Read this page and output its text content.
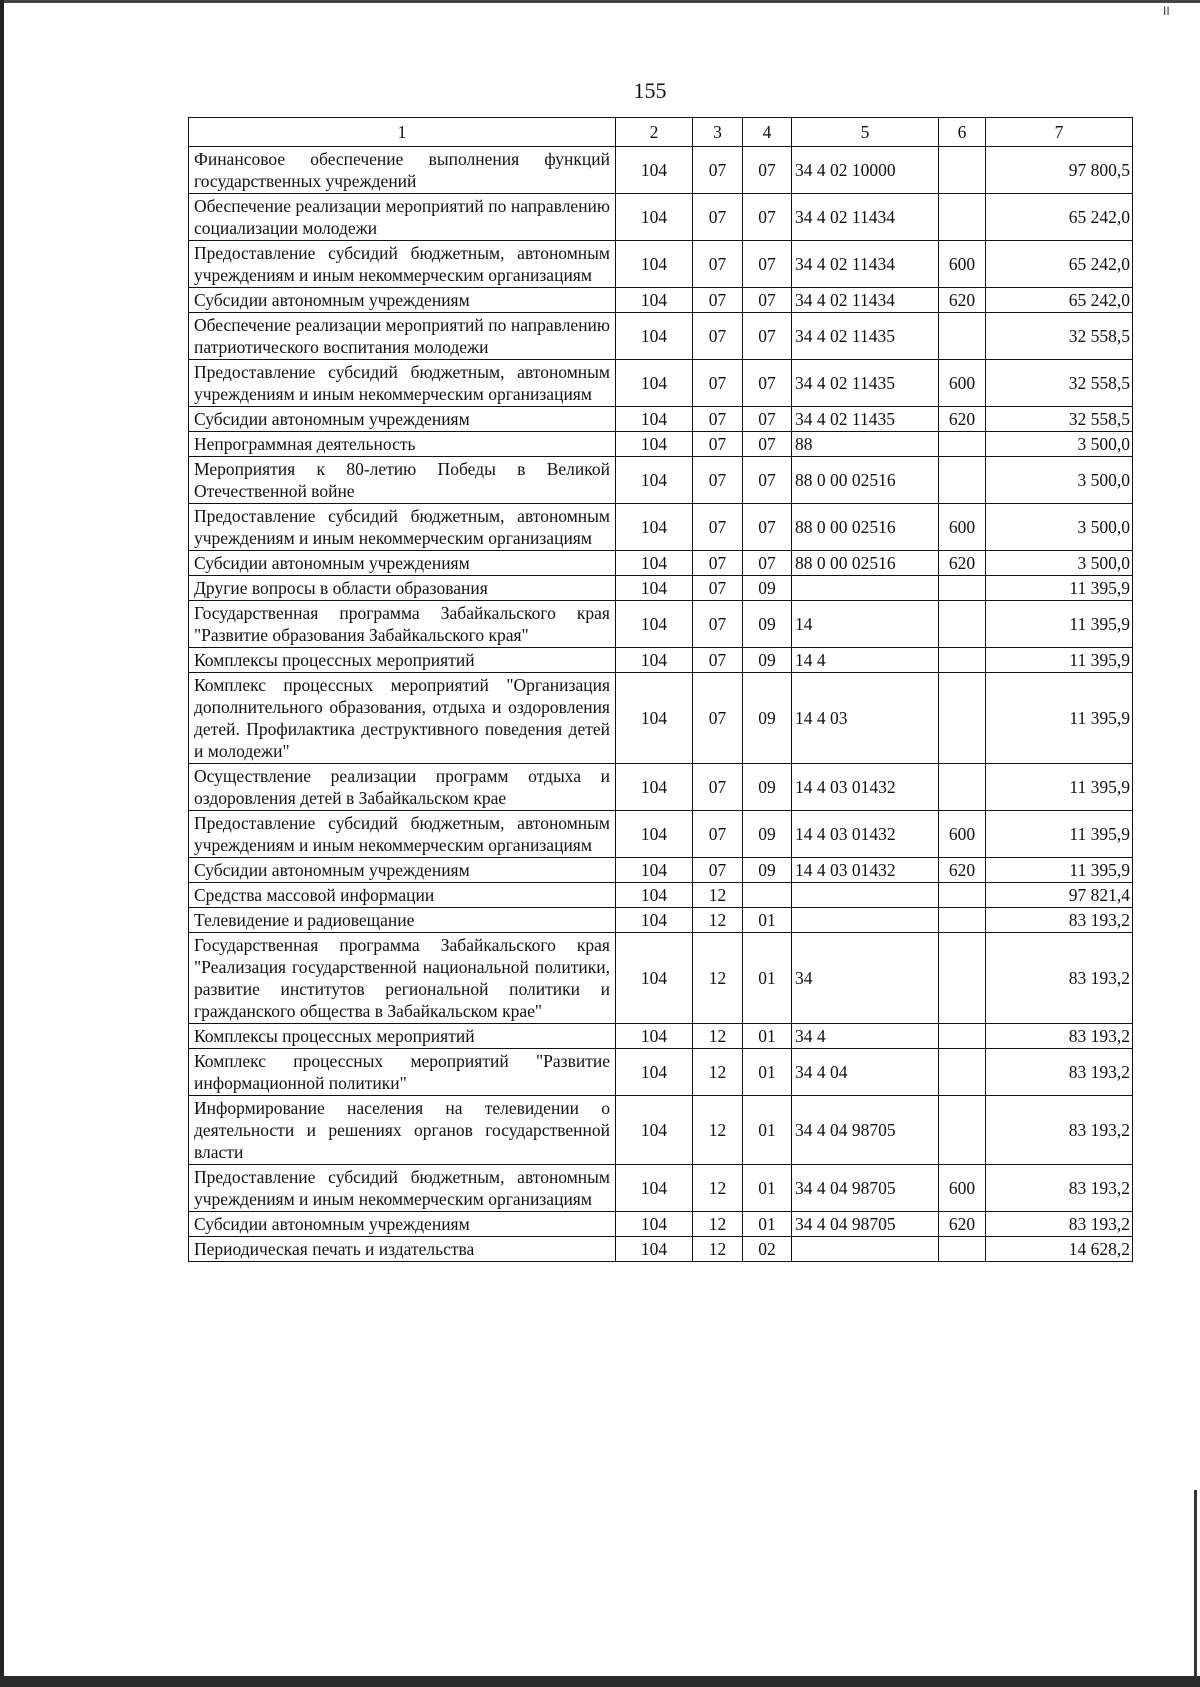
II
155
1	2	3	4	5	6	7
Финансовое обеспечение выполнения функций государственных учреждений	104	07	07	34 4 02 10000		97 800,5
Обеспечение реализации мероприятий по направлению социализации молодежи	104	07	07	34 4 02 11434		65 242,0
Предоставление субсидий бюджетным, автономным учреждениям и иным некоммерческим организациям	104	07	07	34 4 02 11434	600	65 242,0
Субсидии автономным учреждениям	104	07	07	34 4 02 11434	620	65 242,0
Обеспечение реализации мероприятий по направлению патриотического воспитания молодежи	104	07	07	34 4 02 11435		32 558,5
Предоставление субсидий бюджетным, автономным учреждениям и иным некоммерческим организациям	104	07	07	34 4 02 11435	600	32 558,5
Субсидии автономным учреждениям	104	07	07	34 4 02 11435	620	32 558,5
Непрограммная деятельность	104	07	07	88		3 500,0
Мероприятия к 80-летию Победы в Великой Отечественной войне	104	07	07	88 0 00 02516		3 500,0
Предоставление субсидий бюджетным, автономным учреждениям и иным некоммерческим организациям	104	07	07	88 0 00 02516	600	3 500,0
Субсидии автономным учреждениям	104	07	07	88 0 00 02516	620	3 500,0
Другие вопросы в области образования	104	07	09			11 395,9
Государственная программа Забайкальского края "Развитие образования Забайкальского края"	104	07	09	14		11 395,9
Комплексы процессных мероприятий	104	07	09	14 4		11 395,9
Комплекс процессных мероприятий "Организация дополнительного образования, отдыха и оздоровления детей. Профилактика деструктивного поведения детей и молодежи"	104	07	09	14 4 03		11 395,9
Осуществление реализации программ отдыха и оздоровления детей в Забайкальском крае	104	07	09	14 4 03 01432		11 395,9
Предоставление субсидий бюджетным, автономным учреждениям и иным некоммерческим организациям	104	07	09	14 4 03 01432	600	11 395,9
Субсидии автономным учреждениям	104	07	09	14 4 03 01432	620	11 395,9
Средства массовой информации	104	12				97 821,4
Телевидение и радиовещание	104	12	01			83 193,2
Государственная программа Забайкальского края "Реализация государственной национальной политики, развитие институтов региональной политики и гражданского общества в Забайкальском крае"	104	12	01	34		83 193,2
Комплексы процессных мероприятий	104	12	01	34 4		83 193,2
Комплекс процессных мероприятий "Развитие информационной политики"	104	12	01	34 4 04		83 193,2
Информирование населения на телевидении о деятельности и решениях органов государственной власти	104	12	01	34 4 04 98705		83 193,2
Предоставление субсидий бюджетным, автономным учреждениям и иным некоммерческим организациям	104	12	01	34 4 04 98705	600	83 193,2
Субсидии автономным учреждениям	104	12	01	34 4 04 98705	620	83 193,2
Периодическая печать и издательства	104	12	02			14 628,2
